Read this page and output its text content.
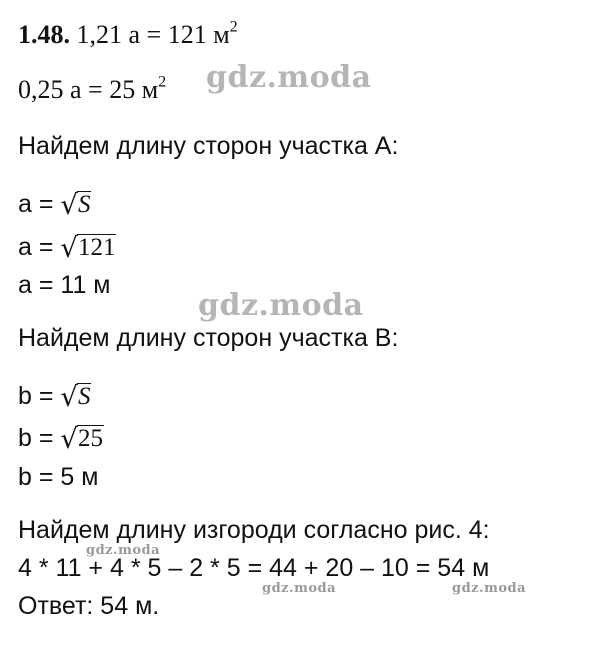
1.48. 1,21 а = 121 $м^2$
0,25 а = 25 $м^2$
Найдем длину сторон участка А:
a = √S
a = √121
a = 11 м
Найдем длину сторон участка В:
b = √S
b = √25
b = 5 м
Найдем длину изгороди согласно рис. 4:
4 * 11 + 4 * 5 – 2 * 5 = 44 + 20 – 10 = 54 м
Ответ: 54 м.
gdz.moda
gdz.moda
gdz.moda
gdz.moda	gdz.moda
